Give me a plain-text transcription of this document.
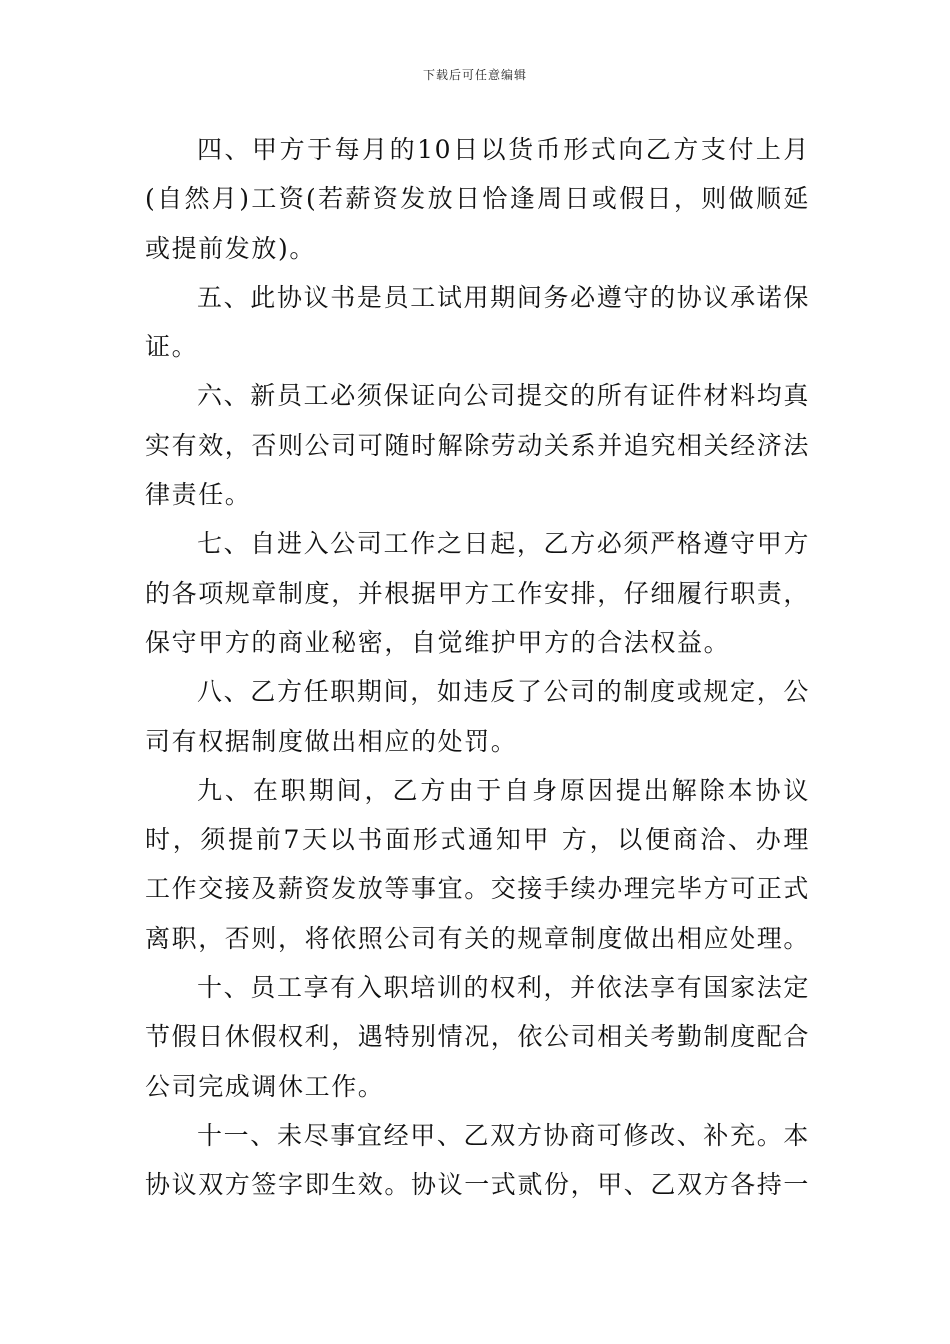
下载后可任意编辑

四、甲方于每月的10日以货币形式向乙方支付上月(自然月)工资(若薪资发放日恰逢周日或假日，则做顺延或提前发放)。

五、此协议书是员工试用期间务必遵守的协议承诺保证。

六、新员工必须保证向公司提交的所有证件材料均真实有效，否则公司可随时解除劳动关系并追究相关经济法律责任。

七、自进入公司工作之日起，乙方必须严格遵守甲方的各项规章制度，并根据甲方工作安排，仔细履行职责，保守甲方的商业秘密，自觉维护甲方的合法权益。

八、乙方任职期间，如违反了公司的制度或规定，公司有权据制度做出相应的处罚。

九、在职期间，乙方由于自身原因提出解除本协议时，须提前7天以书面形式通知甲 方，以便商洽、办理工作交接及薪资发放等事宜。交接手续办理完毕方可正式离职，否则，将依照公司有关的规章制度做出相应处理。

十、员工享有入职培训的权利，并依法享有国家法定节假日休假权利，遇特别情况，依公司相关考勤制度配合公司完成调休工作。

十一、未尽事宜经甲、乙双方协商可修改、补充。本协议双方签字即生效。协议一式贰份，甲、乙双方各持一
